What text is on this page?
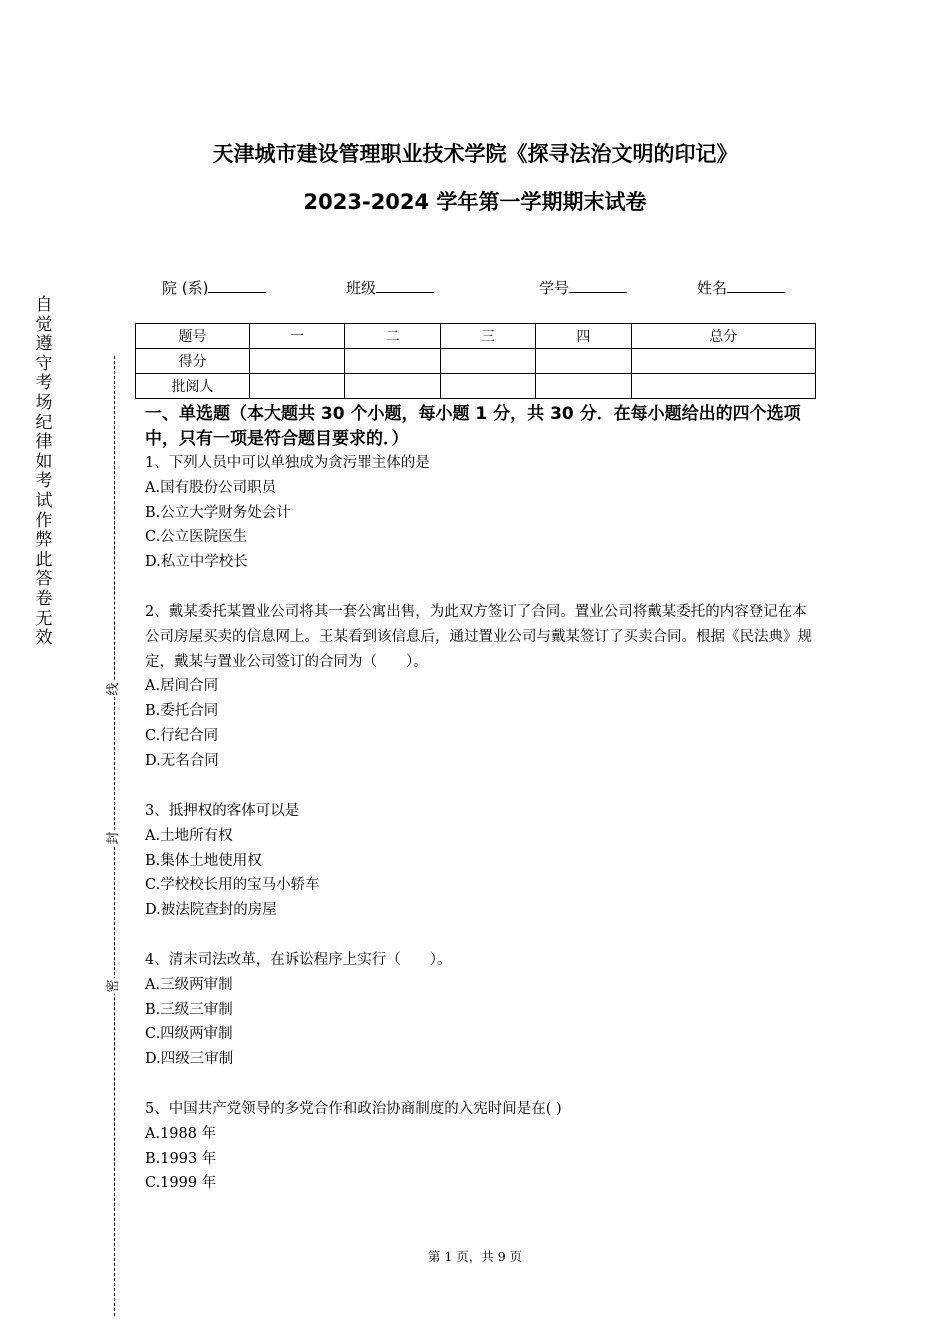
天津城市建设管理职业技术学院《探寻法治文明的印记》
2023-2024 学年第一学期期末试卷
院 (系)	班级	学号	姓名
题号	一	二	三	四	总分
得分					
批阅人					
自
觉
遵
守
考
场
纪
律
如
考
试
作
弊
此
答
卷
无
效
线
封
密
一、单选题（本大题共 30 个小题，每小题 1 分，共 30 分．在每小题给出的四个选项中，只有一项是符合题目要求的．）

1、下列人员中可以单独成为贪污罪主体的是

A.国有股份公司职员

B.公立大学财务处会计

C.公立医院医生

D.私立中学校长

2、戴某委托某置业公司将其一套公寓出售，为此双方签订了合同。置业公司将戴某委托的内容登记在本公司房屋买卖的信息网上。王某看到该信息后，通过置业公司与戴某签订了买卖合同。根据《民法典》规定，戴某与置业公司签订的合同为（　　）。

A.居间合同

B.委托合同

C.行纪合同

D.无名合同

3、抵押权的客体可以是

A.土地所有权

B.集体土地使用权

C.学校校长用的宝马小轿车

D.被法院查封的房屋

4、清末司法改革，在诉讼程序上实行（　　）。

A.三级两审制

B.三级三审制

C.四级两审制

D.四级三审制

5、中国共产党领导的多党合作和政治协商制度的入宪时间是在( )

A.1988 年

B.1993 年

C.1999 年

第 1 页，共 9 页
